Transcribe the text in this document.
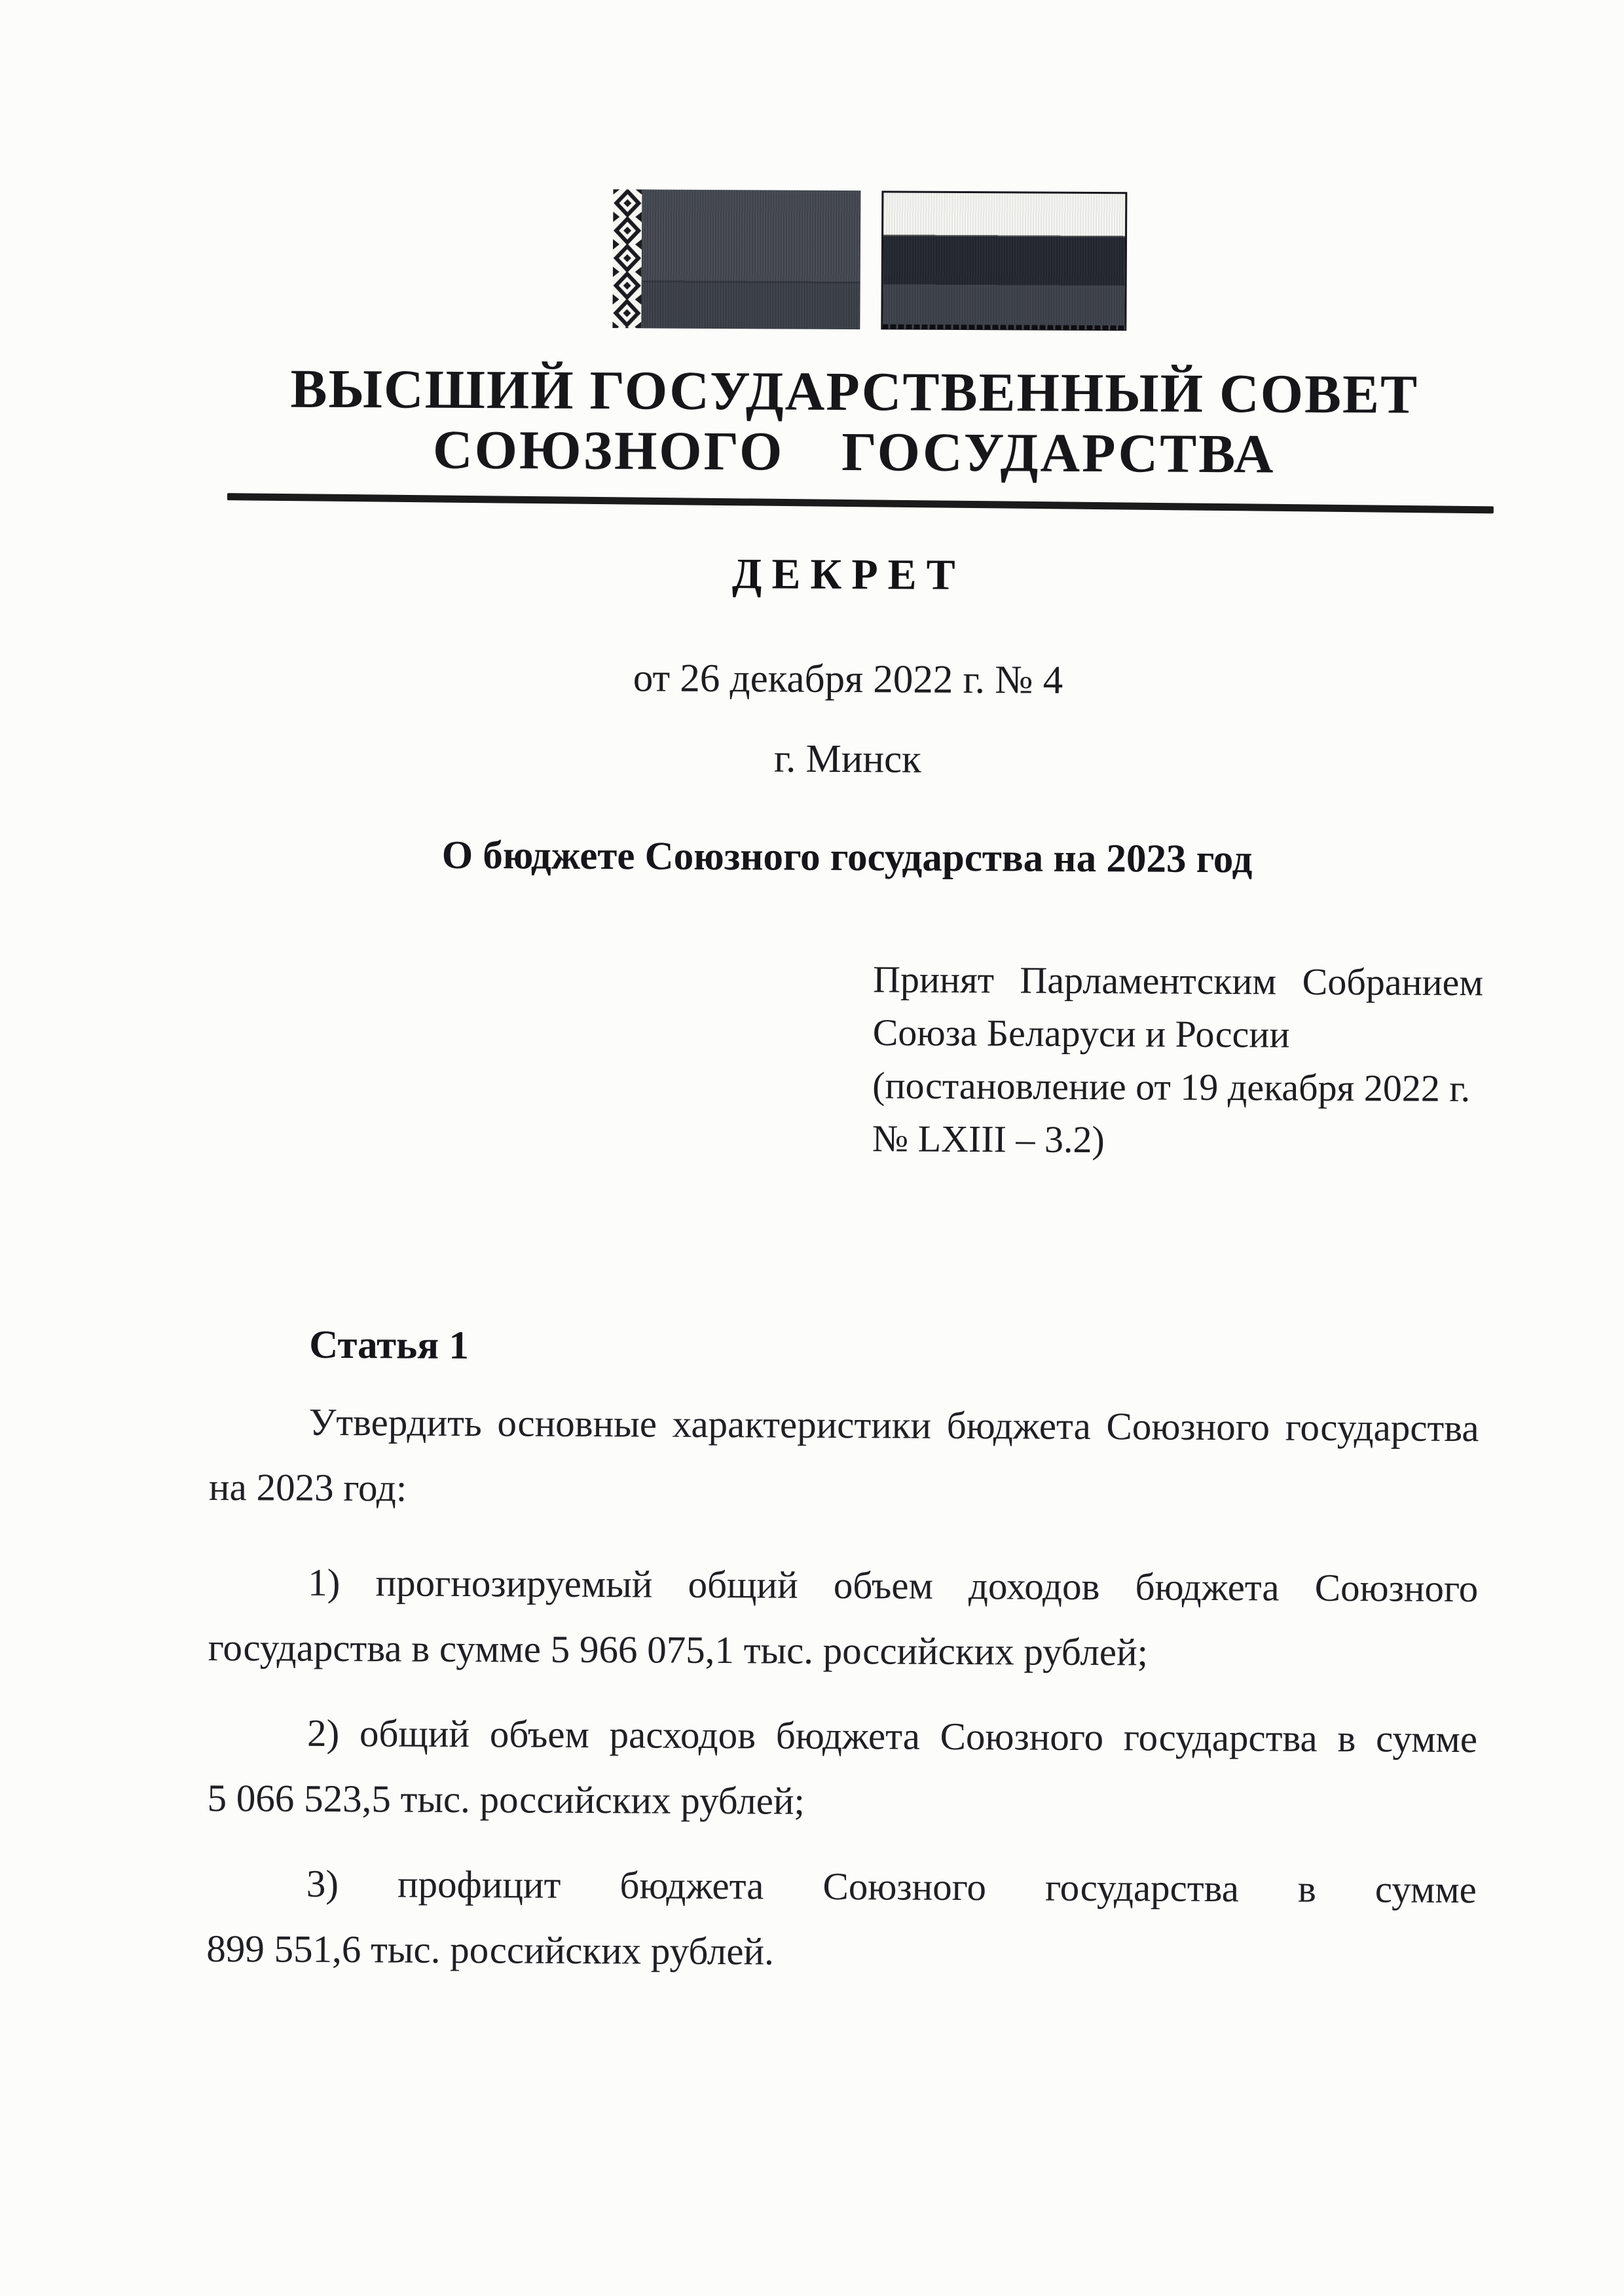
ВЫСШИЙ ГОСУДАРСТВЕННЫЙ СОВЕТ
СОЮЗНОГО ГОСУДАРСТВА
ДЕКРЕТ
от 26 декабря 2022 г. № 4
г. Минск
О бюджете Союзного государства на 2023 год
Принят Парламентским Собранием
Союза Беларуси и России
(постановление от 19 декабря 2022 г.
№ LXIII – 3.2)
Статья 1
Утвердить основные характеристики бюджета Союзного государства
на 2023 год:
1) прогнозируемый общий объем доходов бюджета Союзного
государства в сумме 5 966 075,1 тыс. российских рублей;
2) общий объем расходов бюджета Союзного государства в сумме
5 066 523,5 тыс. российских рублей;
3) профицит бюджета Союзного государства в сумме
899 551,6 тыс. российских рублей.
